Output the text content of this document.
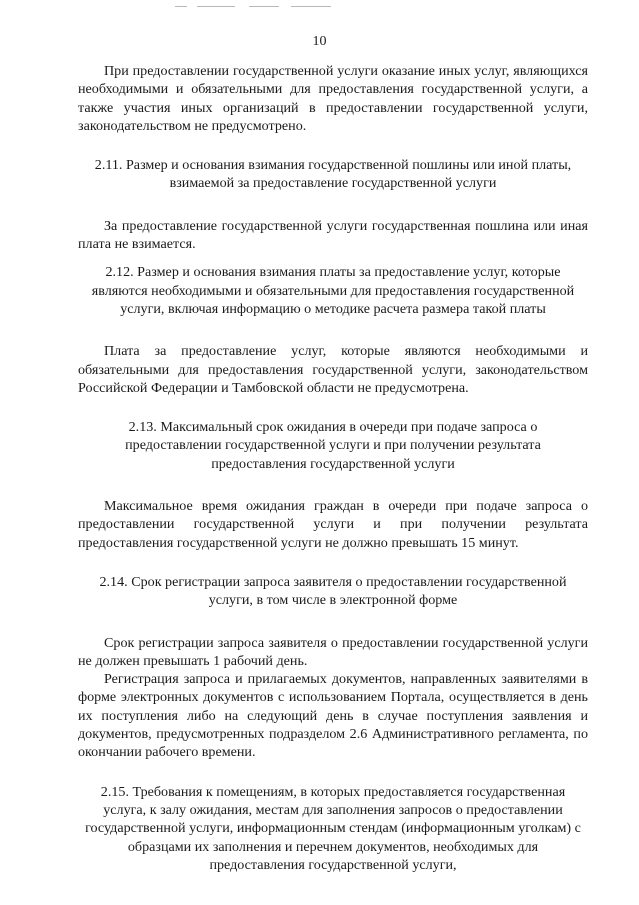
10

При предоставлении государственной услуги оказание иных услуг, являющихся необходимыми и обязательными для предоставления государственной услуги, а также участия иных организаций в предоставлении государственной услуги, законодательством не предусмотрено.

2.11. Размер и основания взимания государственной пошлины или иной платы, взимаемой за предоставление государственной услуги

За предоставление государственной услуги государственная пошлина или иная плата не взимается.

2.12. Размер и основания взимания платы за предоставление услуг, которые являются необходимыми и обязательными для предоставления государственной услуги, включая информацию о методике расчета размера такой платы

Плата за предоставление услуг, которые являются необходимыми и обязательными для предоставления государственной услуги, законодательством Российской Федерации и Тамбовской области не предусмотрена.

2.13. Максимальный срок ожидания в очереди при подаче запроса о предоставлении государственной услуги и при получении результата предоставления государственной услуги

Максимальное время ожидания граждан в очереди при подаче запроса о предоставлении государственной услуги и при получении результата предоставления государственной услуги не должно превышать 15 минут.

2.14. Срок регистрации запроса заявителя о предоставлении государственной услуги, в том числе в электронной форме

Срок регистрации запроса заявителя о предоставлении государственной услуги не должен превышать 1 рабочий день.

Регистрация запроса и прилагаемых документов, направленных заявителями в форме электронных документов с использованием Портала, осуществляется в день их поступления либо на следующий день в случае поступления заявления и документов, предусмотренных подразделом 2.6 Административного регламента, по окончании рабочего времени.

2.15. Требования к помещениям, в которых предоставляется государственная услуга, к залу ожидания, местам для заполнения запросов о предоставлении государственной услуги, информационным стендам (информационным уголкам) с образцами их заполнения и перечнем документов, необходимых для предоставления государственной услуги,
